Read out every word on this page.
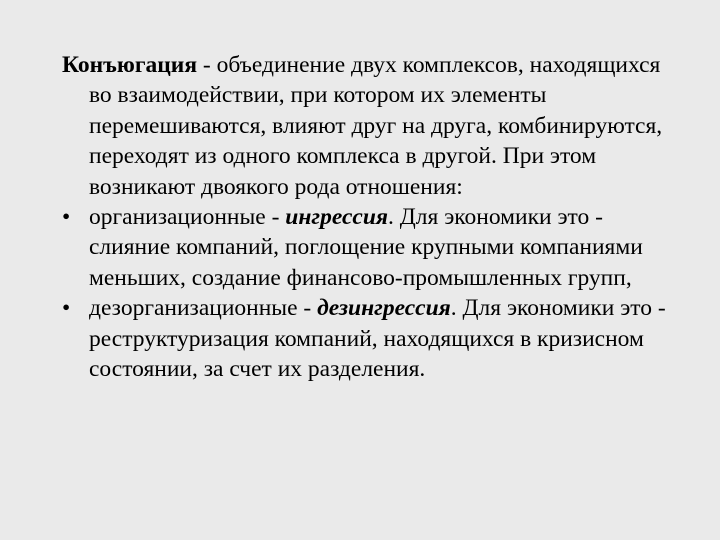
Конъюгация - объединение двух комплексов, находящихся во взаимодействии, при котором их элементы перемешиваются, влияют друг на друга, комбинируются, переходят из одного комплекса в другой. При этом возникают двоякого рода отношения:

• организационные - ингрессия. Для экономики это - слияние компаний, поглощение крупными компаниями меньших, создание финансово-промышленных групп,

• дезорганизационные - дезингрессия. Для экономики это - реструктуризация компаний, находящихся в кризисном состоянии, за счет их разделения.
